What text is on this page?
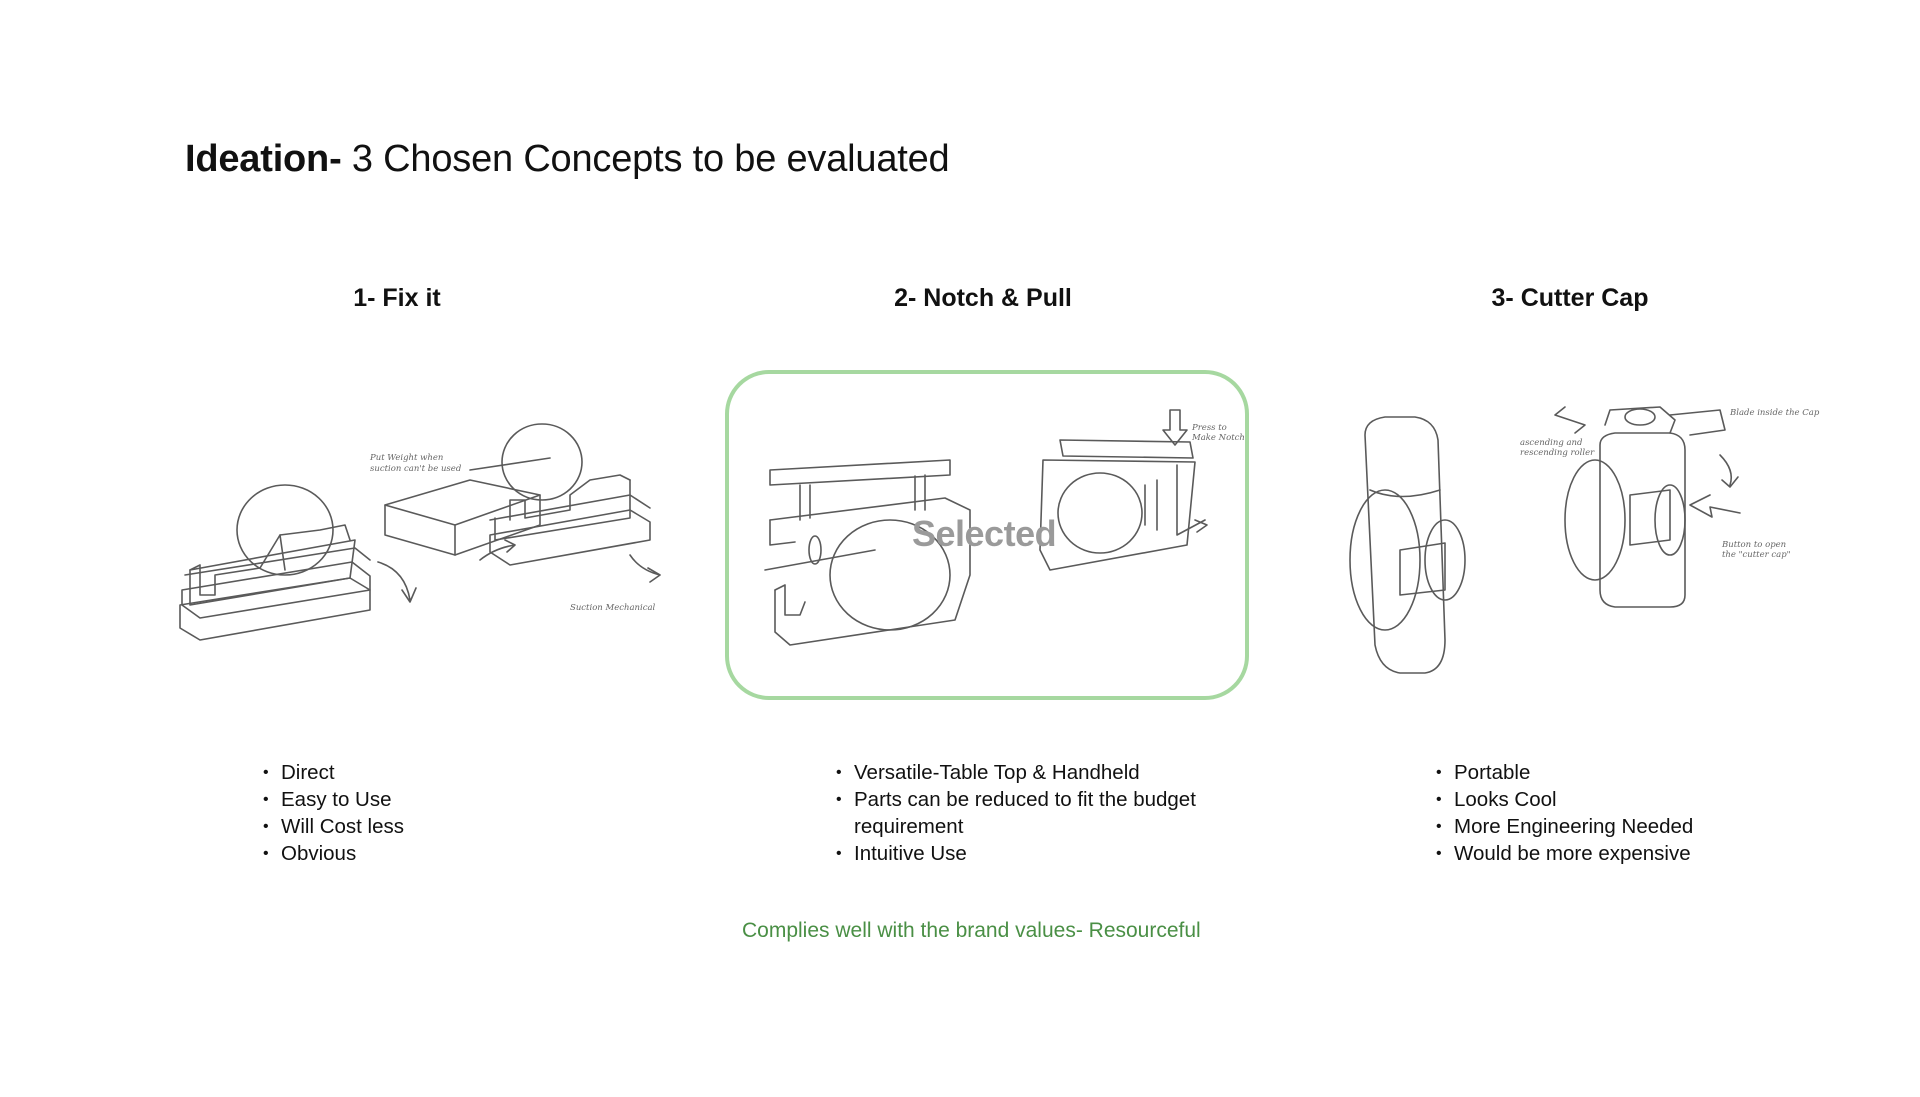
Ideation- 3 Chosen Concepts to be evaluated
1- Fix it	2- Notch & Pull	3- Cutter Cap
Put Weight when
suction can't be used
Suction Mechanical
Press to
Make Notch
Selected
Blade inside the Cap
ascending and
rescending roller
Button to open
the "cutter cap"
• Direct
• Easy to Use
• Will Cost less
• Obvious
• Versatile-Table Top & Handheld
• Parts can be reduced to fit the budget requirement
• Intuitive Use
• Portable
• Looks Cool
• More Engineering Needed
• Would be more expensive
Complies well with the brand values- Resourceful
